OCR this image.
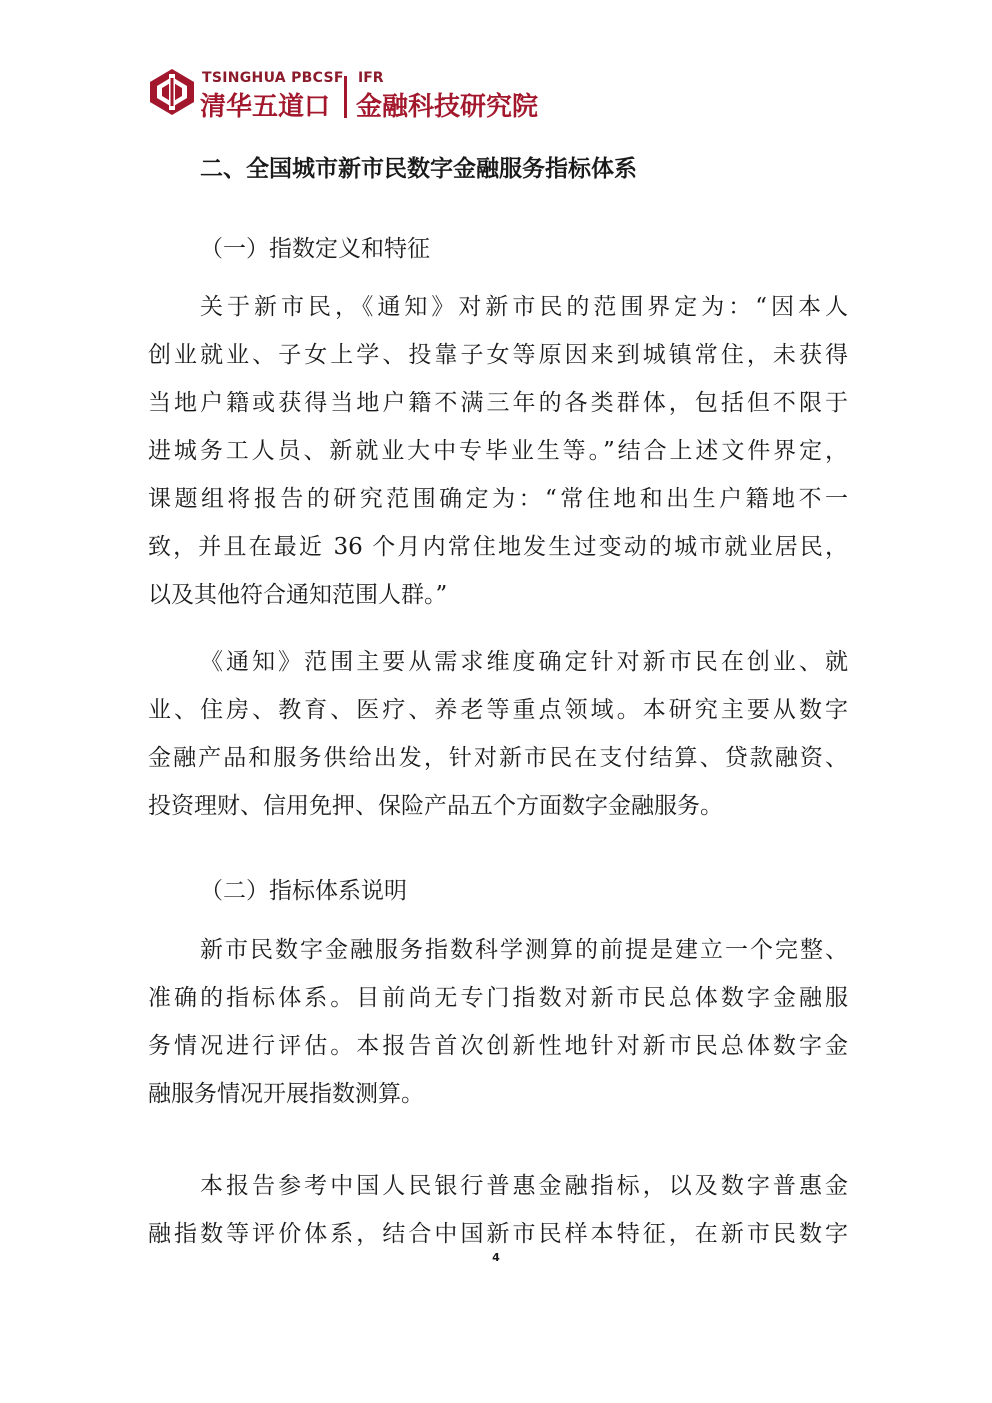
TSINGHUA PBCSF
清华五道口
IFR
金融科技研究院
二、全国城市新市民数字金融服务指标体系
（一）指数定义和特征
关于新市民，《通知》对新市民的范围界定为：“因本人
创业就业、子女上学、投靠子女等原因来到城镇常住，未获得
当地户籍或获得当地户籍不满三年的各类群体，包括但不限于
进城务工人员、新就业大中专毕业生等。”结合上述文件界定，
课题组将报告的研究范围确定为：“常住地和出生户籍地不一
致，并且在最近 36 个月内常住地发生过变动的城市就业居民，
以及其他符合通知范围人群。”
《通知》范围主要从需求维度确定针对新市民在创业、就
业、住房、教育、医疗、养老等重点领域。本研究主要从数字
金融产品和服务供给出发，针对新市民在支付结算、贷款融资、
投资理财、信用免押、保险产品五个方面数字金融服务。
（二）指标体系说明
新市民数字金融服务指数科学测算的前提是建立一个完整、
准确的指标体系。目前尚无专门指数对新市民总体数字金融服
务情况进行评估。本报告首次创新性地针对新市民总体数字金
融服务情况开展指数测算。
本报告参考中国人民银行普惠金融指标，以及数字普惠金
融指数等评价体系，结合中国新市民样本特征，在新市民数字
4
